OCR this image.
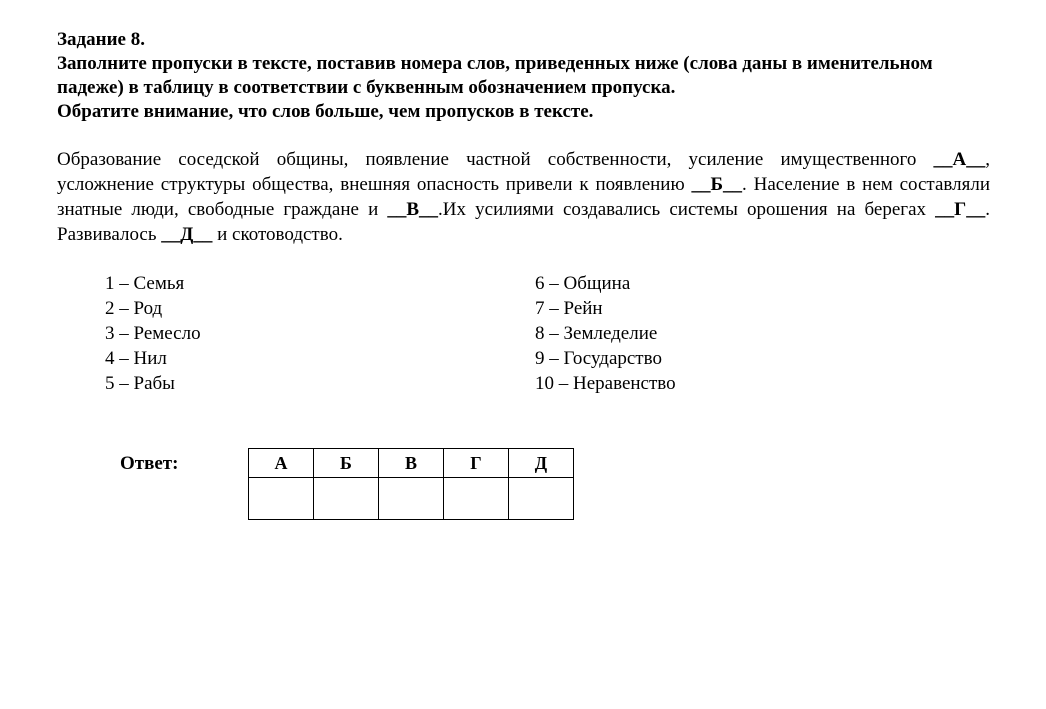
Задание 8.
Заполните пропуски в тексте, поставив номера слов, приведенных ниже (слова даны в именительном падеже) в таблицу в соответствии с буквенным обозначением пропуска.
Обратите внимание, что слов больше, чем пропусков в тексте.

Образование соседской общины, появление частной собственности, усиление имущественного __А__, усложнение структуры общества, внешняя опасность привели к появлению __Б__. Население в нем составляли знатные люди, свободные граждане и __В__.Их усилиями создавались системы орошения на берегах __Г__. Развивалось __Д__ и скотоводство.

1 – Семья
2 – Род
3 – Ремесло
4 – Нил
5 – Рабы
6 – Община
7 – Рейн
8 – Земледелие
9 – Государство
10 – Неравенство
Ответ:	А	Б	В	Г	Д
